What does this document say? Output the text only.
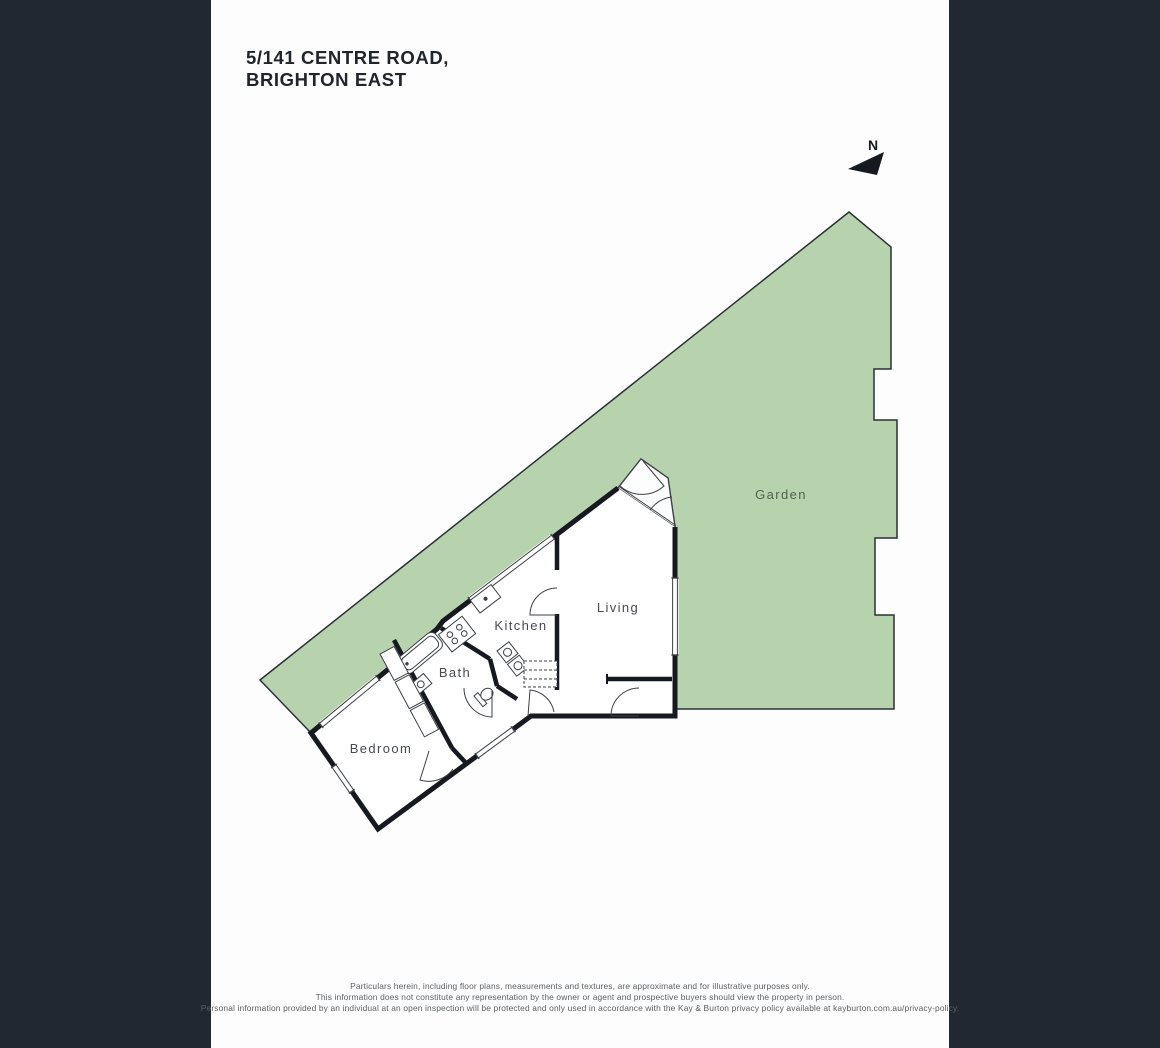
5/141 CENTRE ROAD,
BRIGHTON EAST
N
Garden
Living
Kitchen
Bath
Bedroom
Particulars herein, including floor plans, measurements and textures, are approximate and for illustrative purposes only.
This information does not constitute any representation by the owner or agent and prospective buyers should view the property in person.
Personal information provided by an individual at an open inspection will be protected and only used in accordance with the Kay & Burton privacy policy available at kayburton.com.au/privacy-policy.
